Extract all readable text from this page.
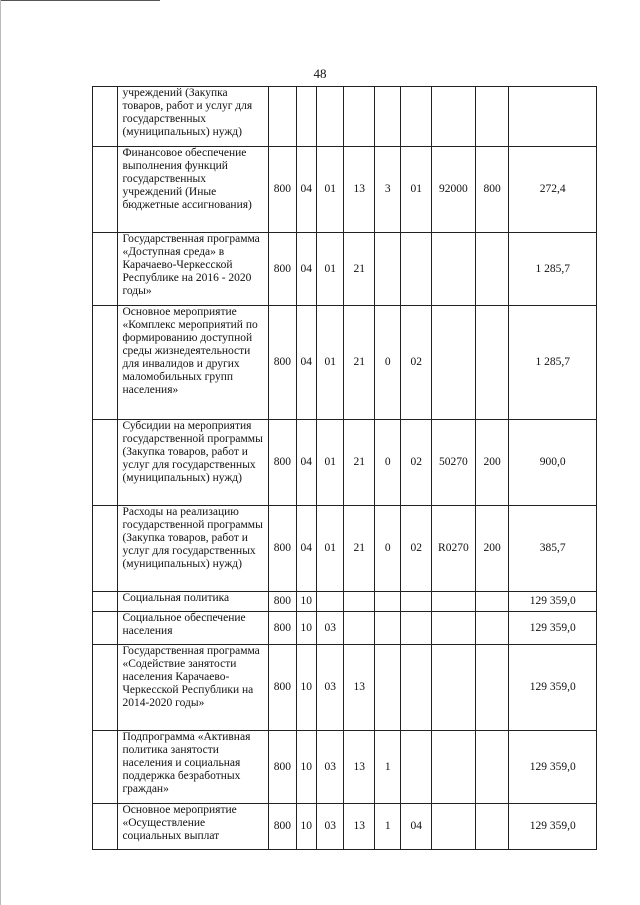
48
	учреждений (Закупка товаров, работ и услуг для государственных (муниципальных) нужд)									
	Финансовое обеспечение выполнения функций государственных учреждений (Иные бюджетные ассигнования)	800	04	01	13	3	01	92000	800	272,4
	Государственная программа «Доступная среда» в Карачаево-Черкесской Республике на 2016 - 2020 годы»	800	04	01	21					1 285,7
	Основное мероприятие «Комплекс мероприятий по формированию доступной среды жизнедеятельности для инвалидов и других маломобильных групп населения»	800	04	01	21	0	02			1 285,7
	Субсидии на мероприятия государственной программы (Закупка товаров, работ и услуг для государственных (муниципальных) нужд)	800	04	01	21	0	02	50270	200	900,0
	Расходы на реализацию государственной программы (Закупка товаров, работ и услуг для государственных (муниципальных) нужд)	800	04	01	21	0	02	R0270	200	385,7
	Социальная политика	800	10							129 359,0
	Социальное обеспечение населения	800	10	03						129 359,0
	Государственная программа «Содействие занятости населения Карачаево-Черкесской Республики на 2014-2020 годы»	800	10	03	13					129 359,0
	Подпрограмма «Активная политика занятости населения и социальная поддержка безработных граждан»	800	10	03	13	1				129 359,0
	Основное мероприятие «Осуществление социальных выплат	800	10	03	13	1	04			129 359,0
